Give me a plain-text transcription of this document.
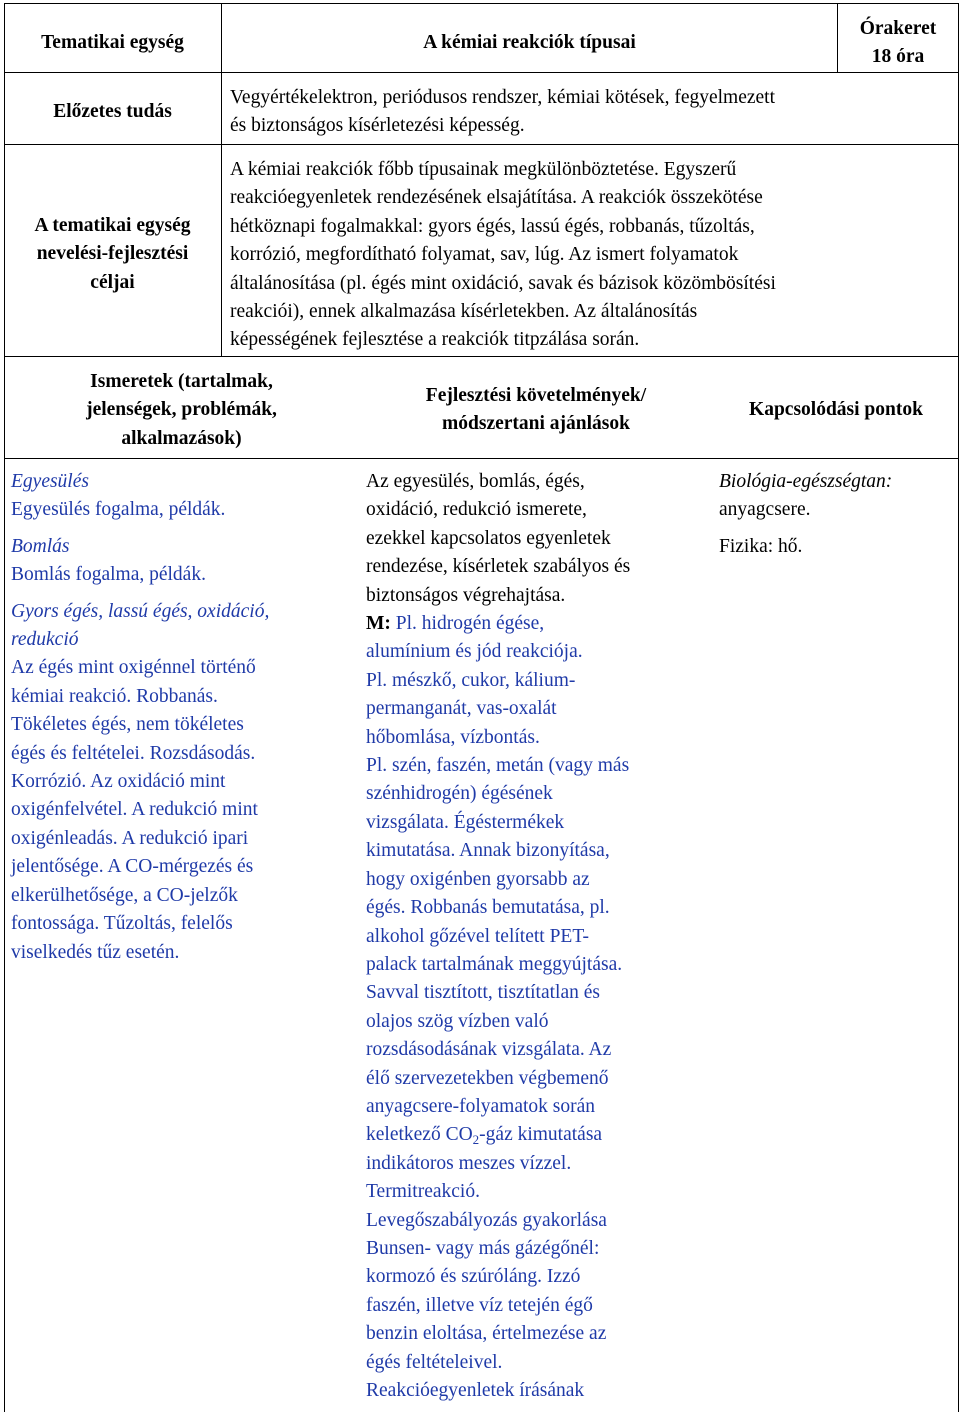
Tematikai egység	A kémiai reakciók típusai
Órakeret
18 óra
Előzetes tudás
Vegyértékelektron, periódusos rendszer, kémiai kötések, fegyelmezett
és biztonságos kísérletezési képesség.
A tematikai egység
nevelési-fejlesztési
céljai
A kémiai reakciók főbb típusainak megkülönböztetése. Egyszerű
reakcióegyenletek rendezésének elsajátítása. A reakciók összekötése
hétköznapi fogalmakkal: gyors égés, lassú égés, robbanás, tűzoltás,
korrózió, megfordítható folyamat, sav, lúg. Az ismert folyamatok
általánosítása (pl. égés mint oxidáció, savak és bázisok közömbösítési
reakciói), ennek alkalmazása kísérletekben. Az általánosítás
képességének fejlesztése a reakciók titpzálása során.
Ismeretek (tartalmak,
jelenségek, problémák,
alkalmazások)
Fejlesztési követelmények/
módszertani ajánlások
Kapcsolódási pontok
Egyesülés
Egyesülés fogalma, példák.
Bomlás
Bomlás fogalma, példák.
Gyors égés, lassú égés, oxidáció,
redukció
Az égés mint oxigénnel történő
kémiai reakció. Robbanás.
Tökéletes égés, nem tökéletes
égés és feltételei. Rozsdásodás.
Korrózió. Az oxidáció mint
oxigénfelvétel. A redukció mint
oxigénleadás. A redukció ipari
jelentősége. A CO-mérgezés és
elkerülhetősége, a CO-jelzők
fontossága. Tűzoltás, felelős
viselkedés tűz esetén.
Az egyesülés, bomlás, égés,
oxidáció, redukció ismerete,
ezekkel kapcsolatos egyenletek
rendezése, kísérletek szabályos és
biztonságos végrehajtása.
M: Pl. hidrogén égése,
alumínium és jód reakciója.
Pl. mészkő, cukor, kálium-
permanganát, vas-oxalát
hőbomlása, vízbontás.
Pl. szén, faszén, metán (vagy más
szénhidrogén) égésének
vizsgálata. Égéstermékek
kimutatása. Annak bizonyítása,
hogy oxigénben gyorsabb az
égés. Robbanás bemutatása, pl.
alkohol gőzével telített PET-
palack tartalmának meggyújtása.
Savval tisztított, tisztítatlan és
olajos szög vízben való
rozsdásodásának vizsgálata. Az
élő szervezetekben végbemenő
anyagcsere-folyamatok során
keletkező $CO_2$-gáz kimutatása
indikátoros meszes vízzel.
Termitreakció.
Levegőszabályozás gyakorlása
Bunsen- vagy más gázégőnél:
kormozó és szúróláng. Izzó
faszén, illetve víz tetején égő
benzin eloltása, értelmezése az
égés feltételeivel.
Reakcióegyenletek írásának
Biológia-egészségtan:
anyagcsere.
Fizika: hő.
